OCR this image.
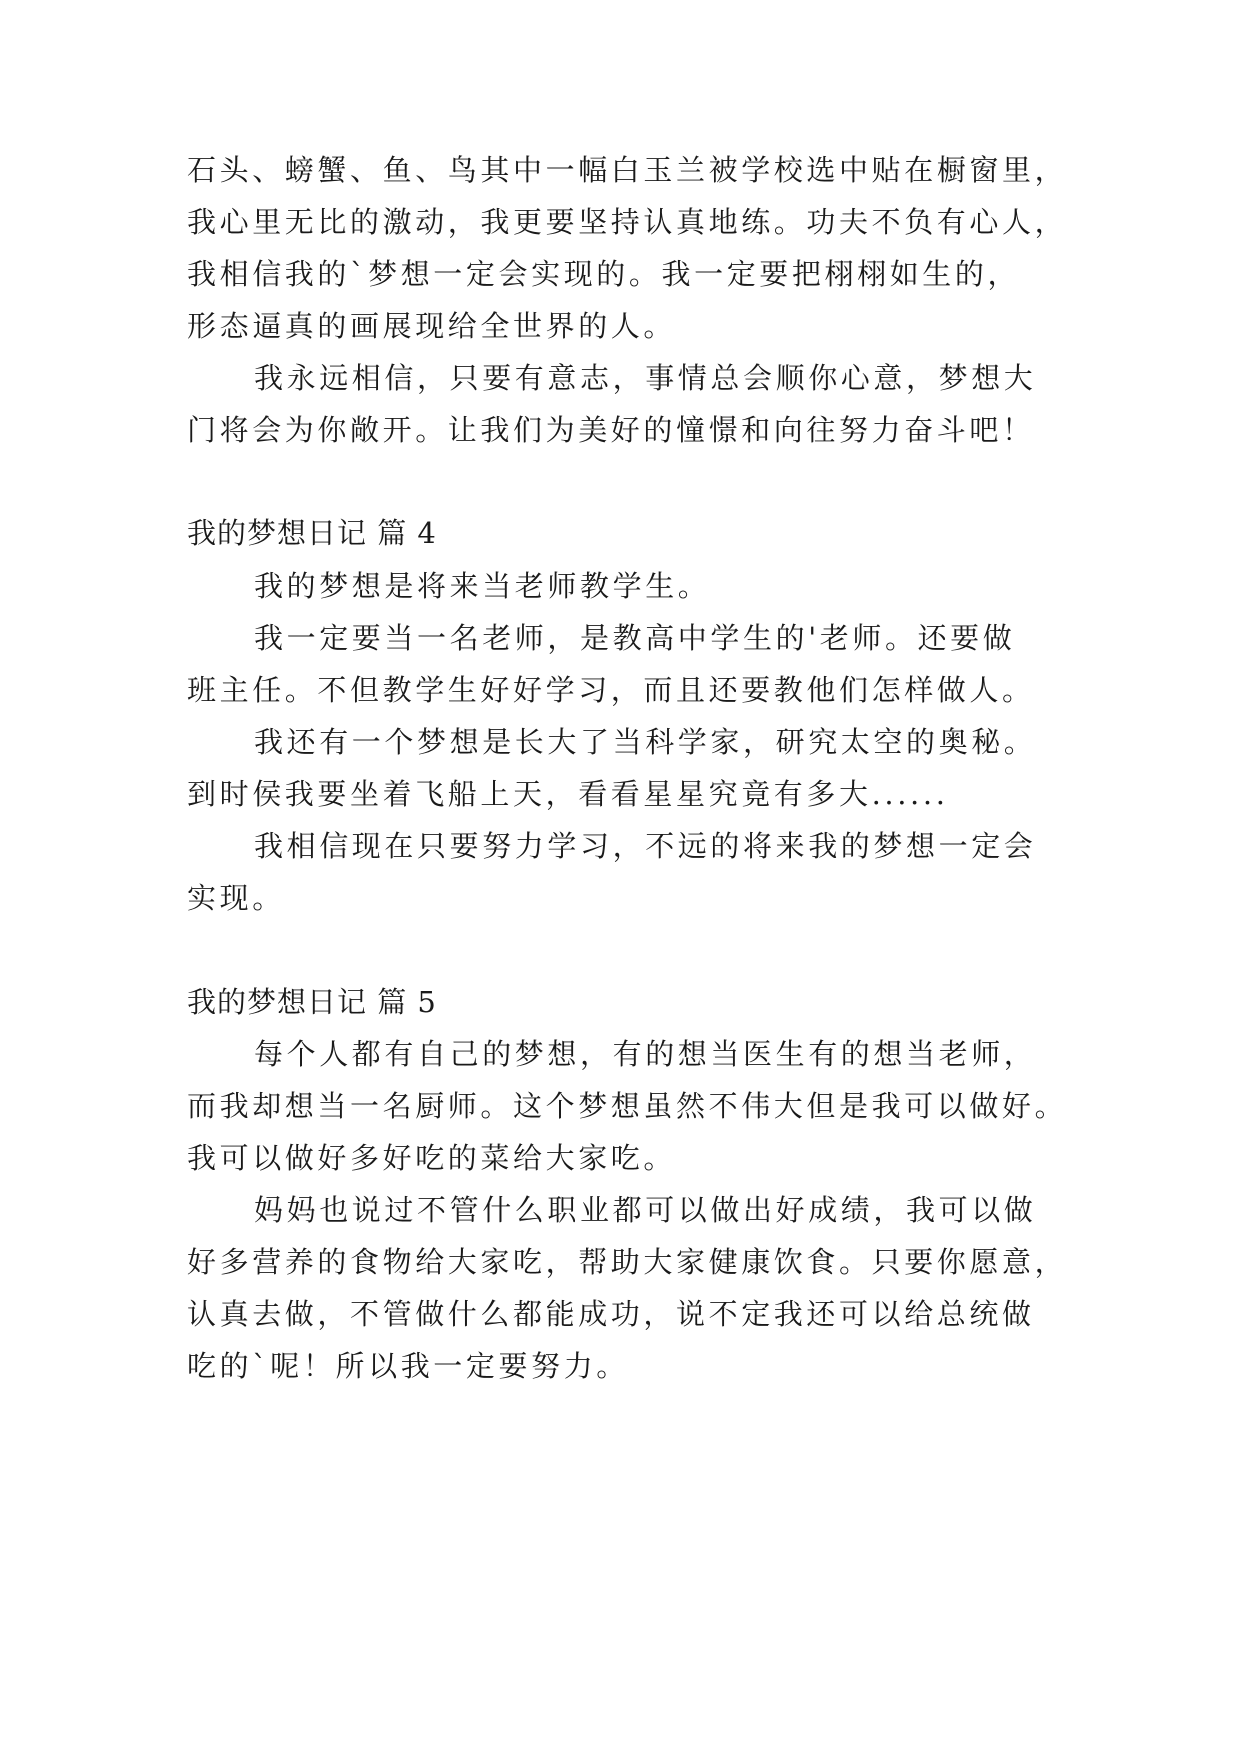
石头、螃蟹、鱼、鸟其中一幅白玉兰被学校选中贴在橱窗里，
我心里无比的激动，我更要坚持认真地练。功夫不负有心人，
我相信我的`梦想一定会实现的。我一定要把栩栩如生的，
形态逼真的画展现给全世界的人。
我永远相信，只要有意志，事情总会顺你心意，梦想大
门将会为你敞开。让我们为美好的憧憬和向往努力奋斗吧！
我的梦想日记 篇 4
我的梦想是将来当老师教学生。
我一定要当一名老师，是教高中学生的'老师。还要做
班主任。不但教学生好好学习，而且还要教他们怎样做人。
我还有一个梦想是长大了当科学家，研究太空的奥秘。
到时侯我要坐着飞船上天，看看星星究竟有多大......
我相信现在只要努力学习，不远的将来我的梦想一定会
实现。
我的梦想日记 篇 5
每个人都有自己的梦想，有的想当医生有的想当老师，
而我却想当一名厨师。这个梦想虽然不伟大但是我可以做好。
我可以做好多好吃的菜给大家吃。
妈妈也说过不管什么职业都可以做出好成绩，我可以做
好多营养的食物给大家吃，帮助大家健康饮食。只要你愿意，
认真去做，不管做什么都能成功，说不定我还可以给总统做
吃的`呢！所以我一定要努力。
